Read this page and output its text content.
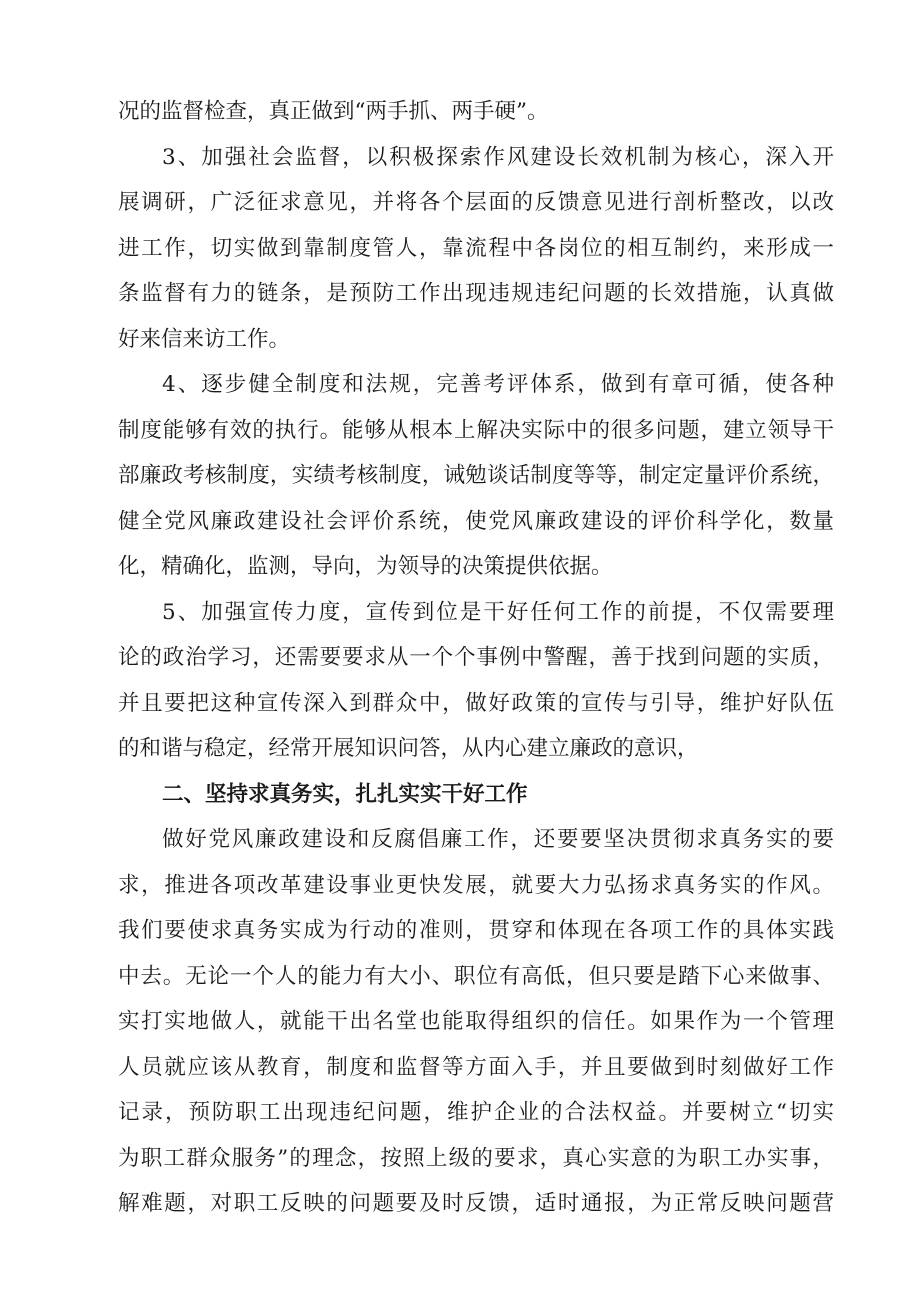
况的监督检查，真正做到“两手抓、两手硬”。
3、加强社会监督，以积极探索作风建设长效机制为核心，深入开
展调研，广泛征求意见，并将各个层面的反馈意见进行剖析整改，以改
进工作，切实做到靠制度管人，靠流程中各岗位的相互制约，来形成一
条监督有力的链条，是预防工作出现违规违纪问题的长效措施，认真做
好来信来访工作。
4、逐步健全制度和法规，完善考评体系，做到有章可循，使各种
制度能够有效的执行。能够从根本上解决实际中的很多问题，建立领导干
部廉政考核制度，实绩考核制度，诫勉谈话制度等等，制定定量评价系统，
健全党风廉政建设社会评价系统，使党风廉政建设的评价科学化，数量
化，精确化，监测，导向，为领导的决策提供依据。
5、加强宣传力度，宣传到位是干好任何工作的前提，不仅需要理
论的政治学习，还需要要求从一个个事例中警醒，善于找到问题的实质，
并且要把这种宣传深入到群众中，做好政策的宣传与引导，维护好队伍
的和谐与稳定，经常开展知识问答，从内心建立廉政的意识，
二、坚持求真务实，扎扎实实干好工作
做好党风廉政建设和反腐倡廉工作，还要要坚决贯彻求真务实的要
求，推进各项改革建设事业更快发展，就要大力弘扬求真务实的作风。
我们要使求真务实成为行动的准则，贯穿和体现在各项工作的具体实践
中去。无论一个人的能力有大小、职位有高低，但只要是踏下心来做事、
实打实地做人，就能干出名堂也能取得组织的信任。如果作为一个管理
人员就应该从教育，制度和监督等方面入手，并且要做到时刻做好工作
记录，预防职工出现违纪问题，维护企业的合法权益。并要树立“切实
为职工群众服务”的理念，按照上级的要求，真心实意的为职工办实事，
解难题，对职工反映的问题要及时反馈，适时通报，为正常反映问题营
